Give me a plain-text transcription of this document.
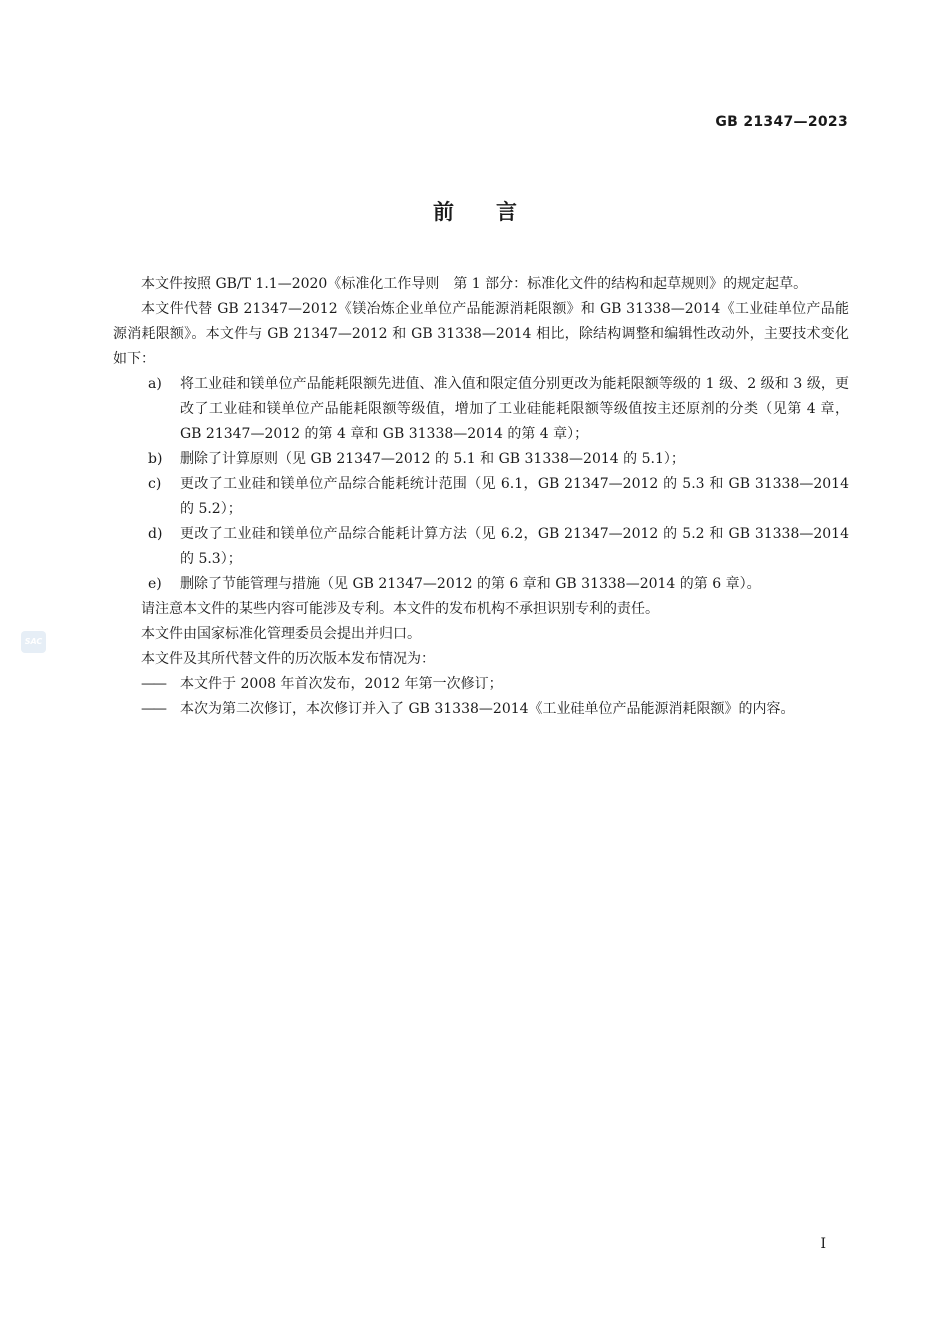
GB 21347—2023
前　　言

本文件按照 GB/T 1.1—2020《标准化工作导则　第 1 部分：标准化文件的结构和起草规则》的规定起草。

本文件代替 GB 21347—2012《镁冶炼企业单位产品能源消耗限额》和 GB 31338—2014《工业硅单位产品能源消耗限额》。本文件与 GB 21347—2012 和 GB 31338—2014 相比，除结构调整和编辑性改动外，主要技术变化如下：

a) 将工业硅和镁单位产品能耗限额先进值、准入值和限定值分别更改为能耗限额等级的 1 级、2 级和 3 级，更改了工业硅和镁单位产品能耗限额等级值，增加了工业硅能耗限额等级值按主还原剂的分类（见第 4 章，GB 21347—2012 的第 4 章和 GB 31338—2014 的第 4 章）；
b) 删除了计算原则（见 GB 21347—2012 的 5.1 和 GB 31338—2014 的 5.1）；
c) 更改了工业硅和镁单位产品综合能耗统计范围（见 6.1，GB 21347—2012 的 5.3 和 GB 31338—2014 的 5.2）；
d) 更改了工业硅和镁单位产品综合能耗计算方法（见 6.2，GB 21347—2012 的 5.2 和 GB 31338—2014 的 5.3）；
e) 删除了节能管理与措施（见 GB 21347—2012 的第 6 章和 GB 31338—2014 的第 6 章）。

请注意本文件的某些内容可能涉及专利。本文件的发布机构不承担识别专利的责任。

本文件由国家标准化管理委员会提出并归口。

本文件及其所代替文件的历次版本发布情况为：

—— 本文件于 2008 年首次发布，2012 年第一次修订；
—— 本次为第二次修订，本次修订并入了 GB 31338—2014《工业硅单位产品能源消耗限额》的内容。
SAC
I
